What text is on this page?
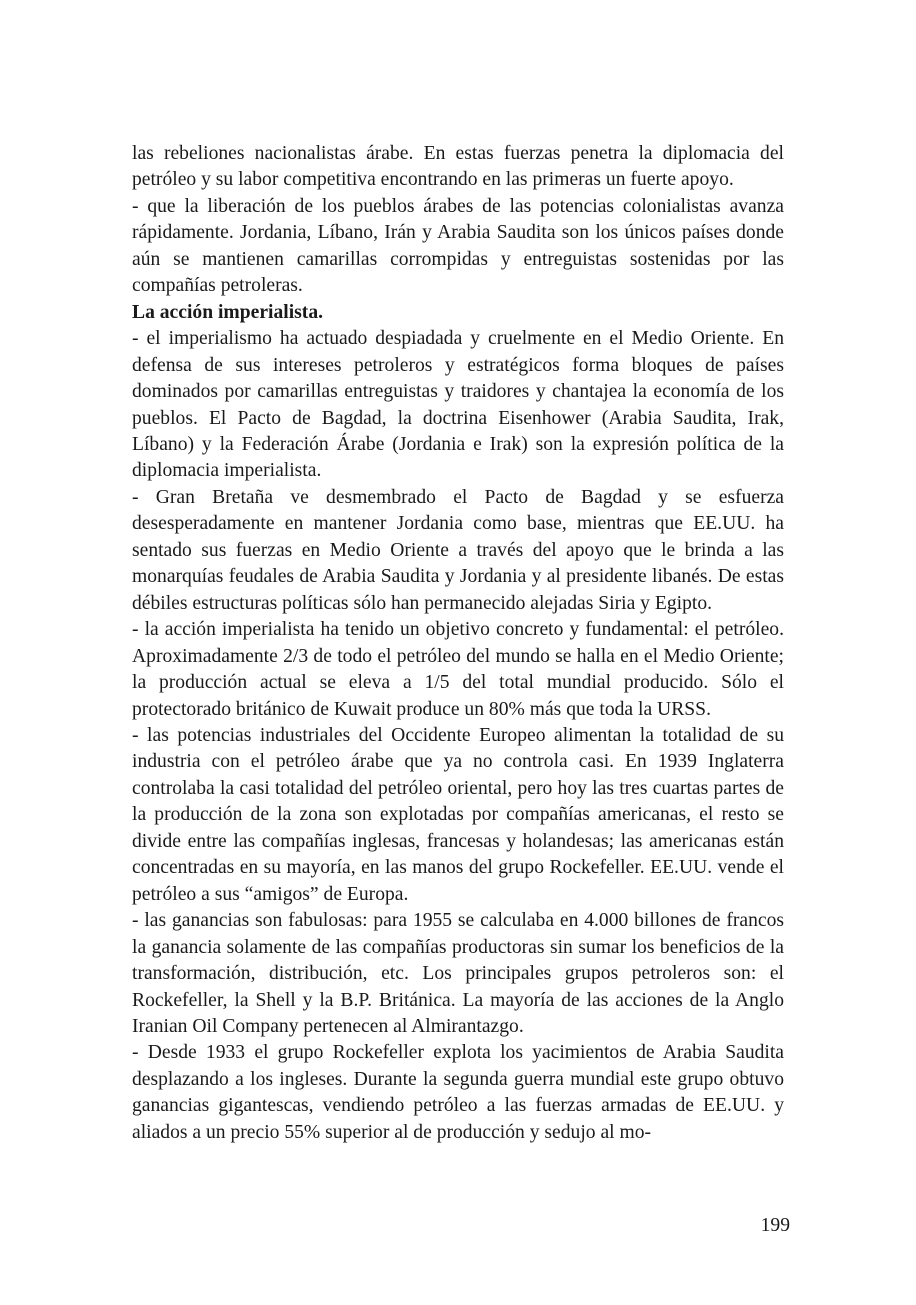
las rebeliones nacionalistas árabe. En estas fuerzas penetra la diplomacia del petróleo y su labor competitiva encontrando en las primeras un fuerte apoyo.

- que la liberación de los pueblos árabes de las potencias colonialistas avanza rápidamente. Jordania, Líbano, Irán y Arabia Saudita son los únicos países donde aún se mantienen camarillas corrompidas y entreguistas sostenidas por las compañías petroleras.

La acción imperialista.

- el imperialismo ha actuado despiadada y cruelmente en el Medio Oriente. En defensa de sus intereses petroleros y estratégicos forma bloques de países dominados por camarillas entreguistas y traidores y chantajea la economía de los pueblos. El Pacto de Bagdad, la doctrina Eisenhower (Arabia Saudita, Irak, Líbano) y la Federación Árabe (Jordania e Irak) son la expresión política de la diplomacia imperialista.

- Gran Bretaña ve desmembrado el Pacto de Bagdad y se esfuerza desesperadamente en mantener Jordania como base, mientras que EE.UU. ha sentado sus fuerzas en Medio Oriente a través del apoyo que le brinda a las monarquías feudales de Arabia Saudita y Jordania y al presidente libanés. De estas débiles estructuras políticas sólo han permanecido alejadas Siria y Egipto.

- la acción imperialista ha tenido un objetivo concreto y fundamental: el petróleo. Aproximadamente 2/3 de todo el petróleo del mundo se halla en el Medio Oriente; la producción actual se eleva a 1/5 del total mundial producido. Sólo el protectorado británico de Kuwait produce un 80% más que toda la URSS.

- las potencias industriales del Occidente Europeo alimentan la totalidad de su industria con el petróleo árabe que ya no controla casi. En 1939 Inglaterra controlaba la casi totalidad del petróleo oriental, pero hoy las tres cuartas partes de la producción de la zona son explotadas por compañías americanas, el resto se divide entre las compañías inglesas, francesas y holandesas; las americanas están concentradas en su mayoría, en las manos del grupo Rockefeller. EE.UU. vende el petróleo a sus “amigos” de Europa.

- las ganancias son fabulosas: para 1955 se calculaba en 4.000 billones de francos la ganancia solamente de las compañías productoras sin sumar los beneficios de la transformación, distribución, etc. Los principales grupos petroleros son: el Rockefeller, la Shell y la B.P. Británica. La mayoría de las acciones de la Anglo Iranian Oil Company pertenecen al Almirantazgo.

- Desde 1933 el grupo Rockefeller explota los yacimientos de Arabia Saudita desplazando a los ingleses. Durante la segunda guerra mundial este grupo obtuvo ganancias gigantescas, vendiendo petróleo a las fuerzas armadas de EE.UU. y aliados a un precio 55% superior al de producción y sedujo al mo-

199
